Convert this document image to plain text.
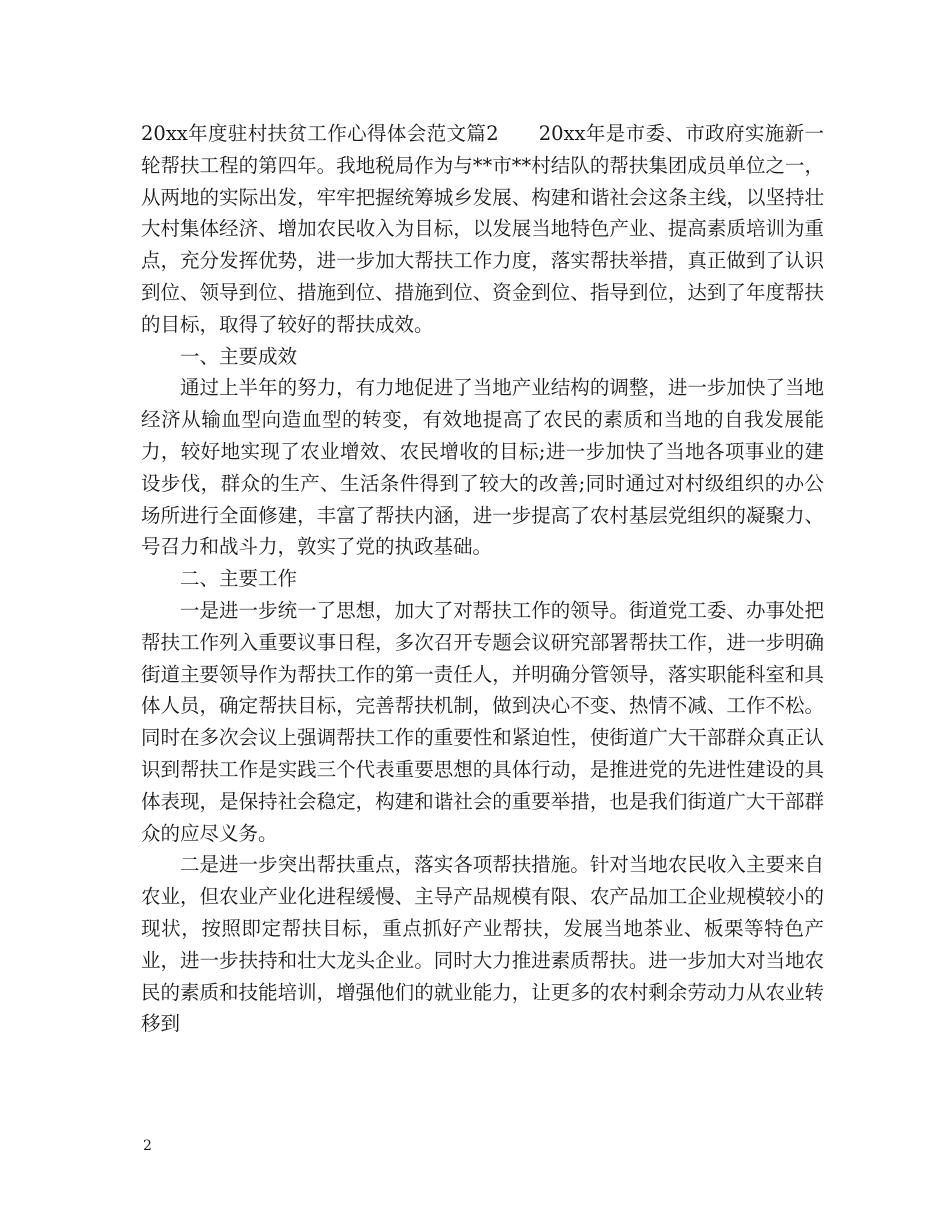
20xx年度驻村扶贫工作心得体会范文篇2　　20xx年是市委、市政府实施新一轮帮扶工程的第四年。我地税局作为与**市**村结队的帮扶集团成员单位之一，从两地的实际出发，牢牢把握统筹城乡发展、构建和谐社会这条主线，以坚持壮大村集体经济、增加农民收入为目标，以发展当地特色产业、提高素质培训为重点，充分发挥优势，进一步加大帮扶工作力度，落实帮扶举措，真正做到了认识到位、领导到位、措施到位、措施到位、资金到位、指导到位，达到了年度帮扶的目标，取得了较好的帮扶成效。

一、主要成效

通过上半年的努力，有力地促进了当地产业结构的调整，进一步加快了当地经济从输血型向造血型的转变，有效地提高了农民的素质和当地的自我发展能力，较好地实现了农业增效、农民增收的目标;进一步加快了当地各项事业的建设步伐，群众的生产、生活条件得到了较大的改善;同时通过对村级组织的办公场所进行全面修建，丰富了帮扶内涵，进一步提高了农村基层党组织的凝聚力、号召力和战斗力，敦实了党的执政基础。

二、主要工作

一是进一步统一了思想，加大了对帮扶工作的领导。街道党工委、办事处把帮扶工作列入重要议事日程，多次召开专题会议研究部署帮扶工作，进一步明确街道主要领导作为帮扶工作的第一责任人，并明确分管领导，落实职能科室和具体人员，确定帮扶目标，完善帮扶机制，做到决心不变、热情不减、工作不松。同时在多次会议上强调帮扶工作的重要性和紧迫性，使街道广大干部群众真正认识到帮扶工作是实践三个代表重要思想的具体行动，是推进党的先进性建设的具体表现，是保持社会稳定，构建和谐社会的重要举措，也是我们街道广大干部群众的应尽义务。

二是进一步突出帮扶重点，落实各项帮扶措施。针对当地农民收入主要来自农业，但农业产业化进程缓慢、主导产品规模有限、农产品加工企业规模较小的现状，按照即定帮扶目标，重点抓好产业帮扶，发展当地茶业、板栗等特色产业，进一步扶持和壮大龙头企业。同时大力推进素质帮扶。进一步加大对当地农民的素质和技能培训，增强他们的就业能力，让更多的农村剩余劳动力从农业转移到

2
